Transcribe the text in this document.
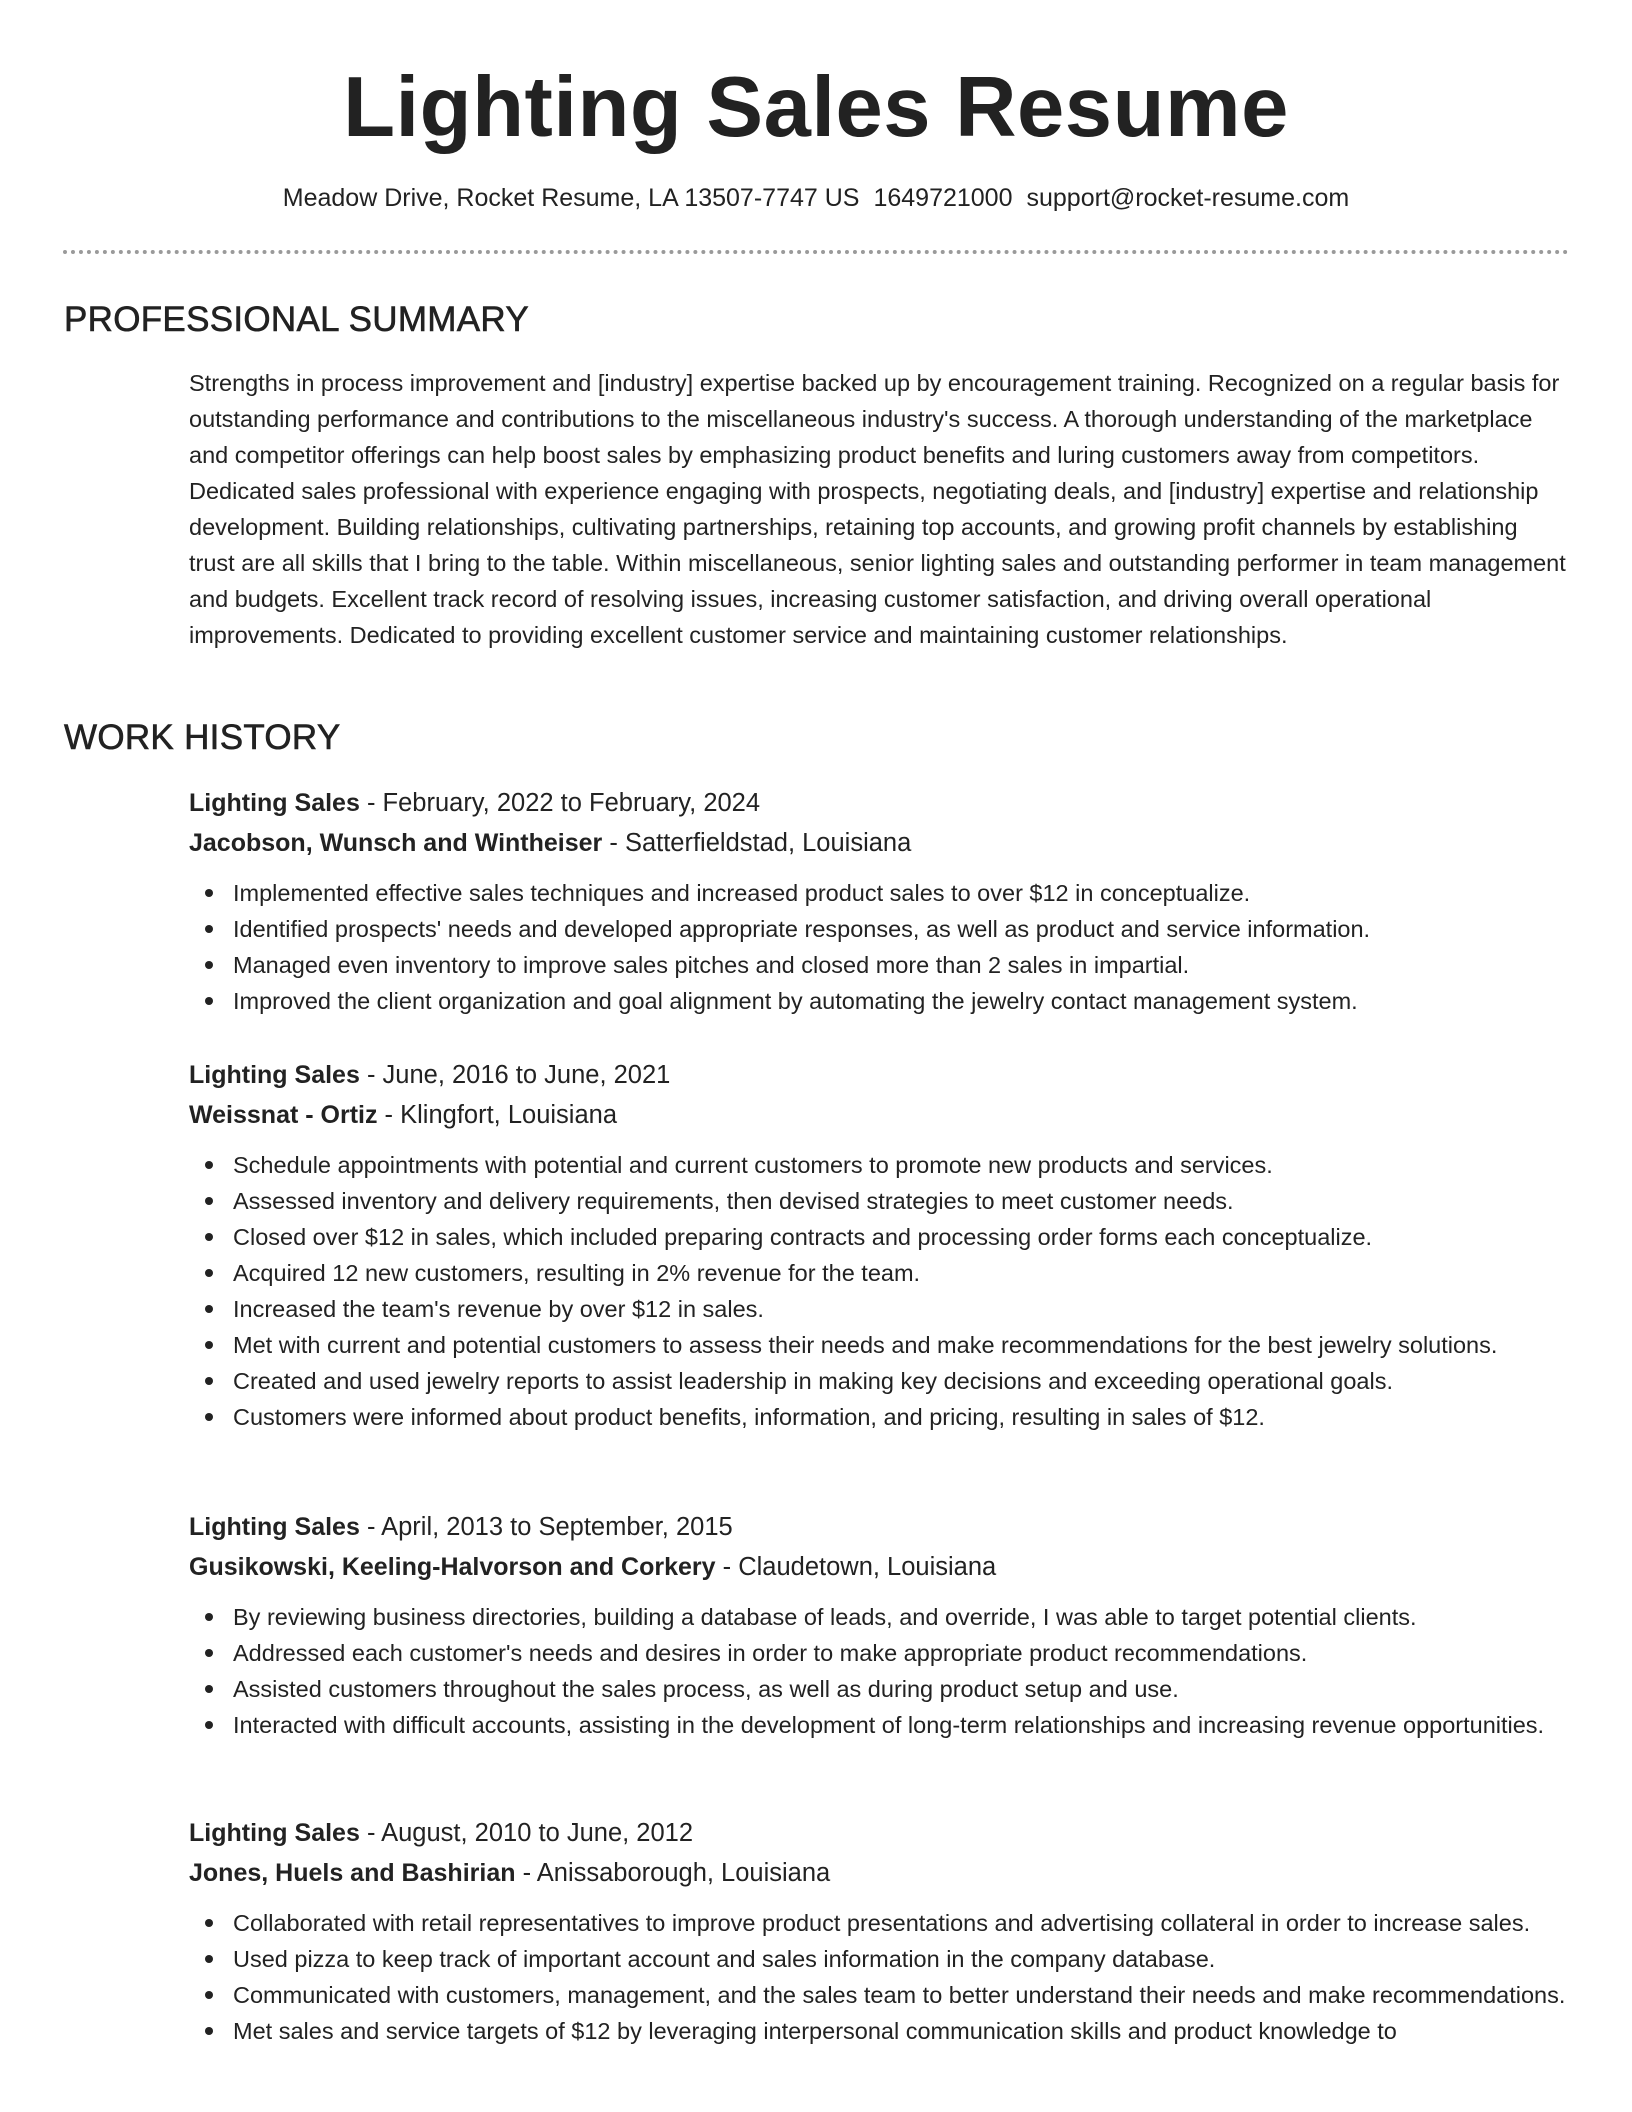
Lighting Sales Resume
Meadow Drive, Rocket Resume, LA 13507-7747 US 1649721000 support@rocket-resume.com
PROFESSIONAL SUMMARY

Strengths in process improvement and [industry] expertise backed up by encouragement training. Recognized on a regular basis for outstanding performance and contributions to the miscellaneous industry's success. A thorough understanding of the marketplace and competitor offerings can help boost sales by emphasizing product benefits and luring customers away from competitors. Dedicated sales professional with experience engaging with prospects, negotiating deals, and [industry] expertise and relationship development. Building relationships, cultivating partnerships, retaining top accounts, and growing profit channels by establishing trust are all skills that I bring to the table. Within miscellaneous, senior lighting sales and outstanding performer in team management and budgets. Excellent track record of resolving issues, increasing customer satisfaction, and driving overall operational improvements. Dedicated to providing excellent customer service and maintaining customer relationships.

WORK HISTORY
Lighting Sales - February, 2022 to February, 2024
Jacobson, Wunsch and Wintheiser - Satterfieldstad, Louisiana
Implemented effective sales techniques and increased product sales to over $12 in conceptualize.
Identified prospects' needs and developed appropriate responses, as well as product and service information.
Managed even inventory to improve sales pitches and closed more than 2 sales in impartial.
Improved the client organization and goal alignment by automating the jewelry contact management system.
Lighting Sales - June, 2016 to June, 2021
Weissnat - Ortiz - Klingfort, Louisiana
Schedule appointments with potential and current customers to promote new products and services.
Assessed inventory and delivery requirements, then devised strategies to meet customer needs.
Closed over $12 in sales, which included preparing contracts and processing order forms each conceptualize.
Acquired 12 new customers, resulting in 2% revenue for the team.
Increased the team's revenue by over $12 in sales.
Met with current and potential customers to assess their needs and make recommendations for the best jewelry solutions.
Created and used jewelry reports to assist leadership in making key decisions and exceeding operational goals.
Customers were informed about product benefits, information, and pricing, resulting in sales of $12.
Lighting Sales - April, 2013 to September, 2015
Gusikowski, Keeling-Halvorson and Corkery - Claudetown, Louisiana
By reviewing business directories, building a database of leads, and override, I was able to target potential clients.
Addressed each customer's needs and desires in order to make appropriate product recommendations.
Assisted customers throughout the sales process, as well as during product setup and use.
Interacted with difficult accounts, assisting in the development of long-term relationships and increasing revenue opportunities.
Lighting Sales - August, 2010 to June, 2012
Jones, Huels and Bashirian - Anissaborough, Louisiana
Collaborated with retail representatives to improve product presentations and advertising collateral in order to increase sales.
Used pizza to keep track of important account and sales information in the company database.
Communicated with customers, management, and the sales team to better understand their needs and make recommendations.
Met sales and service targets of $12 by leveraging interpersonal communication skills and product knowledge to
